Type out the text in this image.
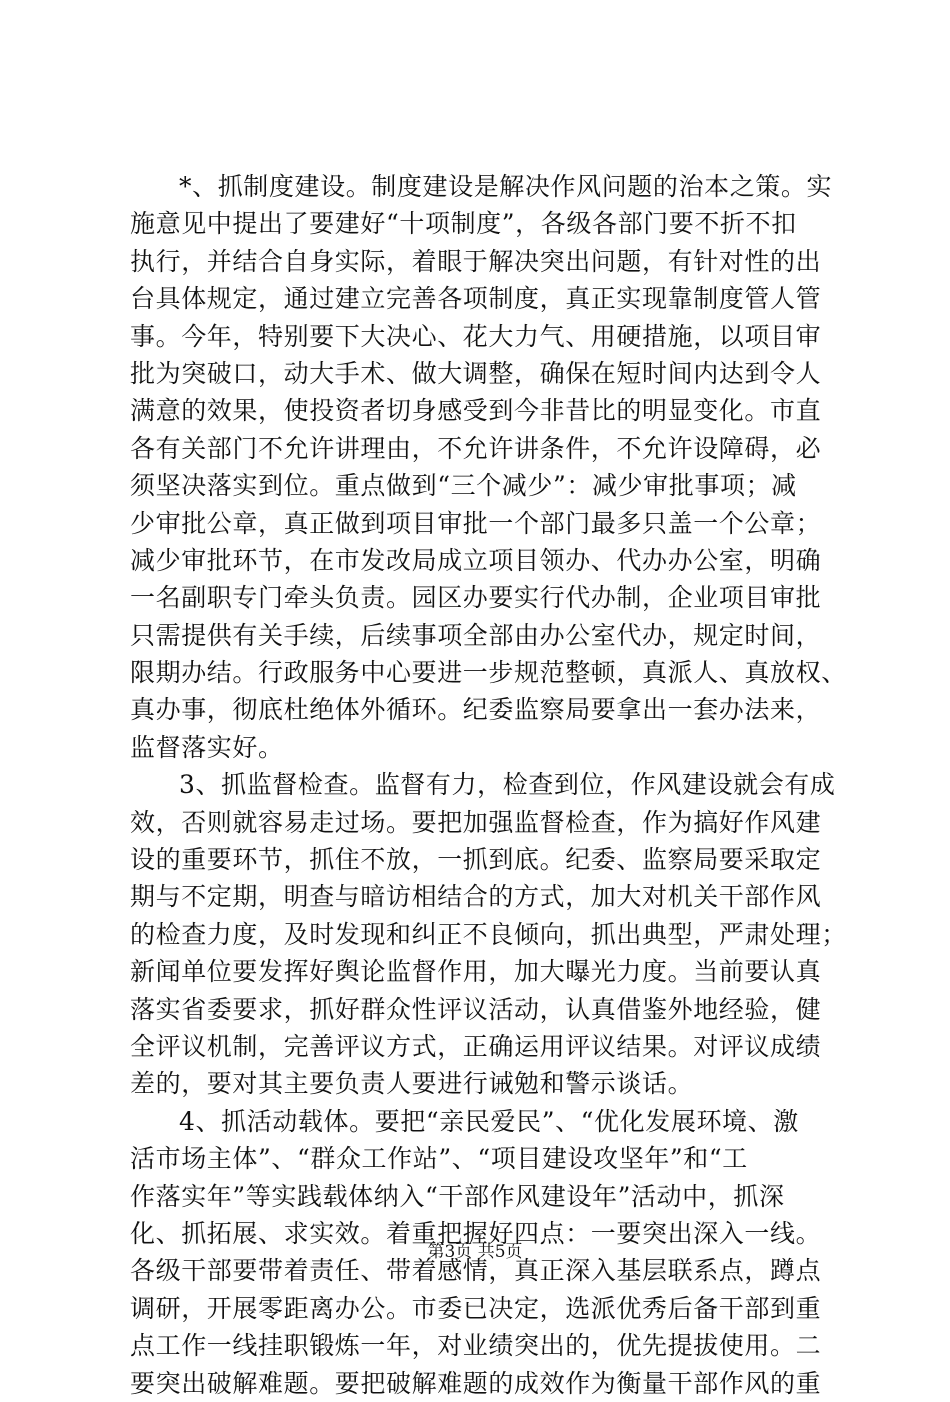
*、抓制度建设。制度建设是解决作风问题的治本之策。实
施意见中提出了要建好“十项制度”，各级各部门要不折不扣
执行，并结合自身实际，着眼于解决突出问题，有针对性的出
台具体规定，通过建立完善各项制度，真正实现靠制度管人管
事。今年，特别要下大决心、花大力气、用硬措施，以项目审
批为突破口，动大手术、做大调整，确保在短时间内达到令人
满意的效果，使投资者切身感受到今非昔比的明显变化。市直
各有关部门不允许讲理由，不允许讲条件，不允许设障碍，必
须坚决落实到位。重点做到“三个减少”：减少审批事项；减
少审批公章，真正做到项目审批一个部门最多只盖一个公章；
减少审批环节，在市发改局成立项目领办、代办办公室，明确
一名副职专门牵头负责。园区办要实行代办制，企业项目审批
只需提供有关手续，后续事项全部由办公室代办，规定时间，
限期办结。行政服务中心要进一步规范整顿，真派人、真放权、
真办事，彻底杜绝体外循环。纪委监察局要拿出一套办法来，
监督落实好。
3、抓监督检查。监督有力，检查到位，作风建设就会有成
效，否则就容易走过场。要把加强监督检查，作为搞好作风建
设的重要环节，抓住不放，一抓到底。纪委、监察局要采取定
期与不定期，明查与暗访相结合的方式，加大对机关干部作风
的检查力度，及时发现和纠正不良倾向，抓出典型，严肃处理；
新闻单位要发挥好舆论监督作用，加大曝光力度。当前要认真
落实省委要求，抓好群众性评议活动，认真借鉴外地经验，健
全评议机制，完善评议方式，正确运用评议结果。对评议成绩
差的，要对其主要负责人要进行诫勉和警示谈话。
4、抓活动载体。要把“亲民爱民”、“优化发展环境、激
活市场主体”、“群众工作站”、“项目建设攻坚年”和“工
作落实年”等实践载体纳入“干部作风建设年”活动中，抓深
化、抓拓展、求实效。着重把握好四点：一要突出深入一线。
各级干部要带着责任、带着感情，真正深入基层联系点，蹲点
调研，开展零距离办公。市委已决定，选派优秀后备干部到重
点工作一线挂职锻炼一年，对业绩突出的，优先提拔使用。二
要突出破解难题。要把破解难题的成效作为衡量干部作风的重
第3页 共5页
